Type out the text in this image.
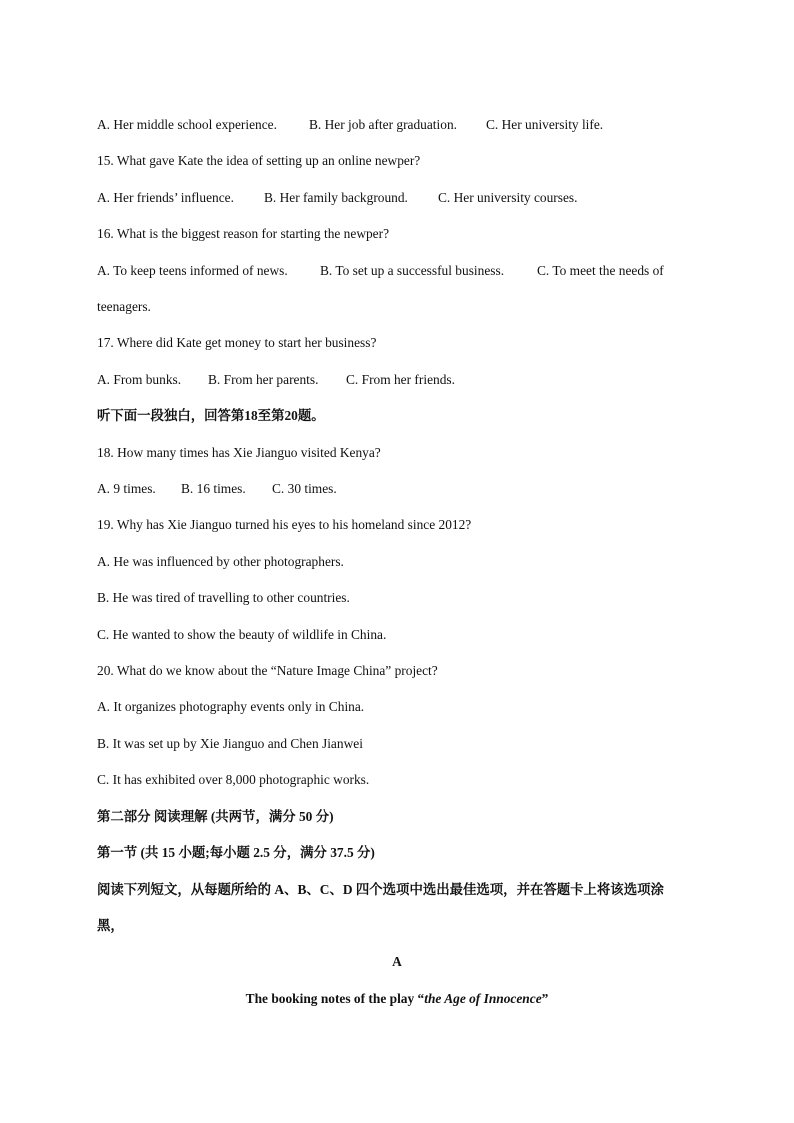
A. Her middle school experience. B. Her job after graduation. C. Her university life.
15. What gave Kate the idea of setting up an online newper?
A. Her friends’ influence. B. Her family background. C. Her university courses.
16. What is the biggest reason for starting the newper?
A. To keep teens informed of news. B. To set up a successful business. C. To meet the needs of
teenagers.
17. Where did Kate get money to start her business?
A. From bunks. B. From her parents. C. From her friends.
听下面一段独白，回答第18至第20题。
18. How many times has Xie Jianguo visited Kenya?
A. 9 times. B. 16 times. C. 30 times.
19. Why has Xie Jianguo turned his eyes to his homeland since 2012?
A. He was influenced by other photographers.
B. He was tired of travelling to other countries.
C. He wanted to show the beauty of wildlife in China.
20. What do we know about the “Nature Image China” project?
A. It organizes photography events only in China.
B. It was set up by Xie Jianguo and Chen Jianwei
C. It has exhibited over 8,000 photographic works.
第二部分 阅读理解 (共两节，满分 50 分)
第一节 (共 15 小题;每小题 2.5 分，满分 37.5 分)
阅读下列短文，从每题所给的 A、B、C、D 四个选项中选出最佳选项，并在答题卡上将该选项涂
黑，
A
The booking notes of the play “the Age of Innocence”
